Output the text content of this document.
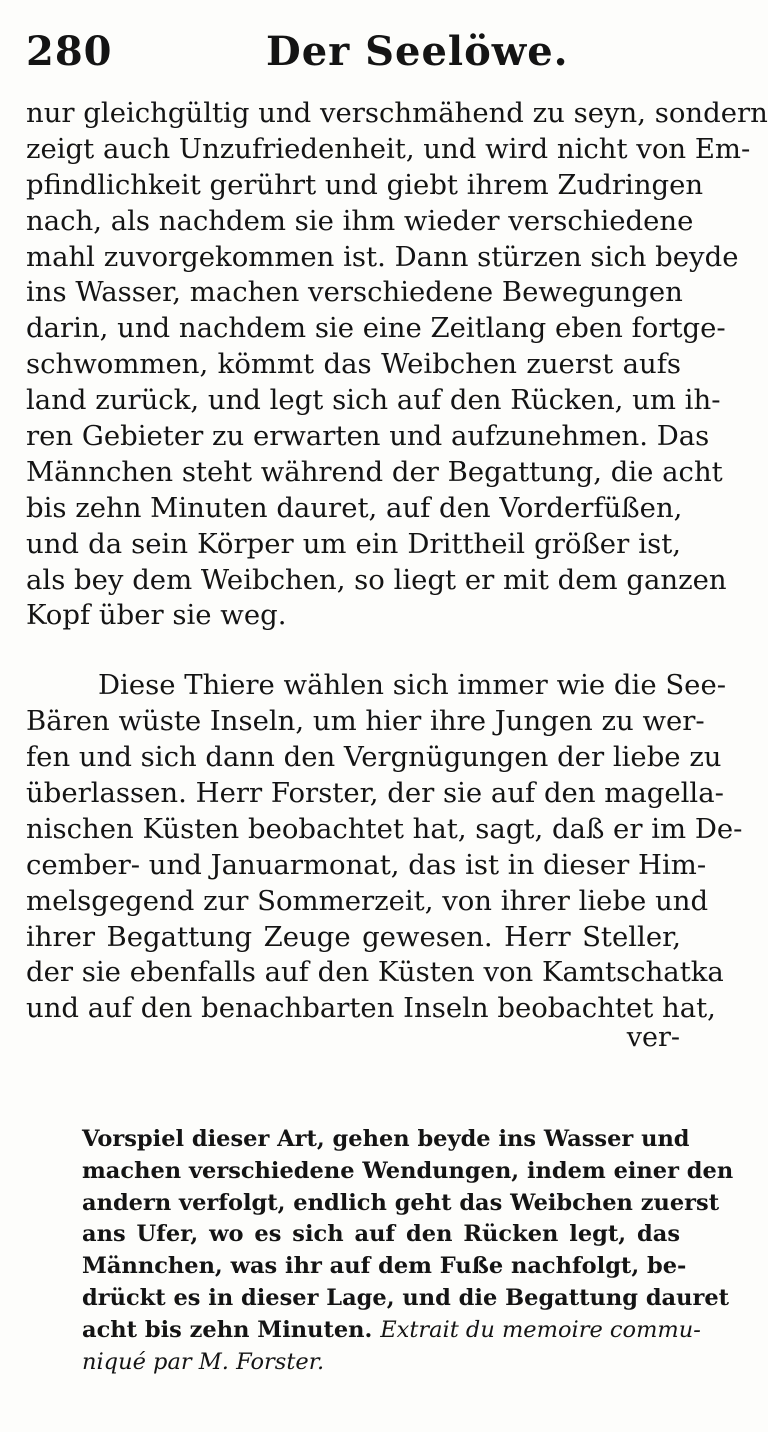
280	Der Seelöwe.
nur gleichgültig und verschmähend zu seyn, sondern
zeigt auch Unzufriedenheit, und wird nicht von Em-
pfindlichkeit gerührt und giebt ihrem Zudringen
nach, als nachdem sie ihm wieder verschiedene
mahl zuvorgekommen ist. Dann stürzen sich beyde
ins Wasser, machen verschiedene Bewegungen
darin, und nachdem sie eine Zeitlang eben fortge-
schwommen, kömmt das Weibchen zuerst aufs
land zurück, und legt sich auf den Rücken, um ih-
ren Gebieter zu erwarten und aufzunehmen. Das
Männchen steht während der Begattung, die acht
bis zehn Minuten dauret, auf den Vorderfüßen,
und da sein Körper um ein Drittheil größer ist,
als bey dem Weibchen, so liegt er mit dem ganzen
Kopf über sie weg.
Diese Thiere wählen sich immer wie die See-
Bären wüste Inseln, um hier ihre Jungen zu wer-
fen und sich dann den Vergnügungen der liebe zu
überlassen. Herr Forster, der sie auf den magella-
nischen Küsten beobachtet hat, sagt, daß er im De-
cember- und Januarmonat, das ist in dieser Him-
melsgegend zur Sommerzeit, von ihrer liebe und
ihrer Begattung Zeuge gewesen. Herr Steller,
der sie ebenfalls auf den Küsten von Kamtschatka
und auf den benachbarten Inseln beobachtet hat,
ver-
Vorspiel dieser Art, gehen beyde ins Wasser und
machen verschiedene Wendungen, indem einer den
andern verfolgt, endlich geht das Weibchen zuerst
ans Ufer, wo es sich auf den Rücken legt, das
Männchen, was ihr auf dem Fuße nachfolgt, be-
drückt es in dieser Lage, und die Begattung dauret
acht bis zehn Minuten. Extrait du memoire commu-
niqué par M. Forster.
